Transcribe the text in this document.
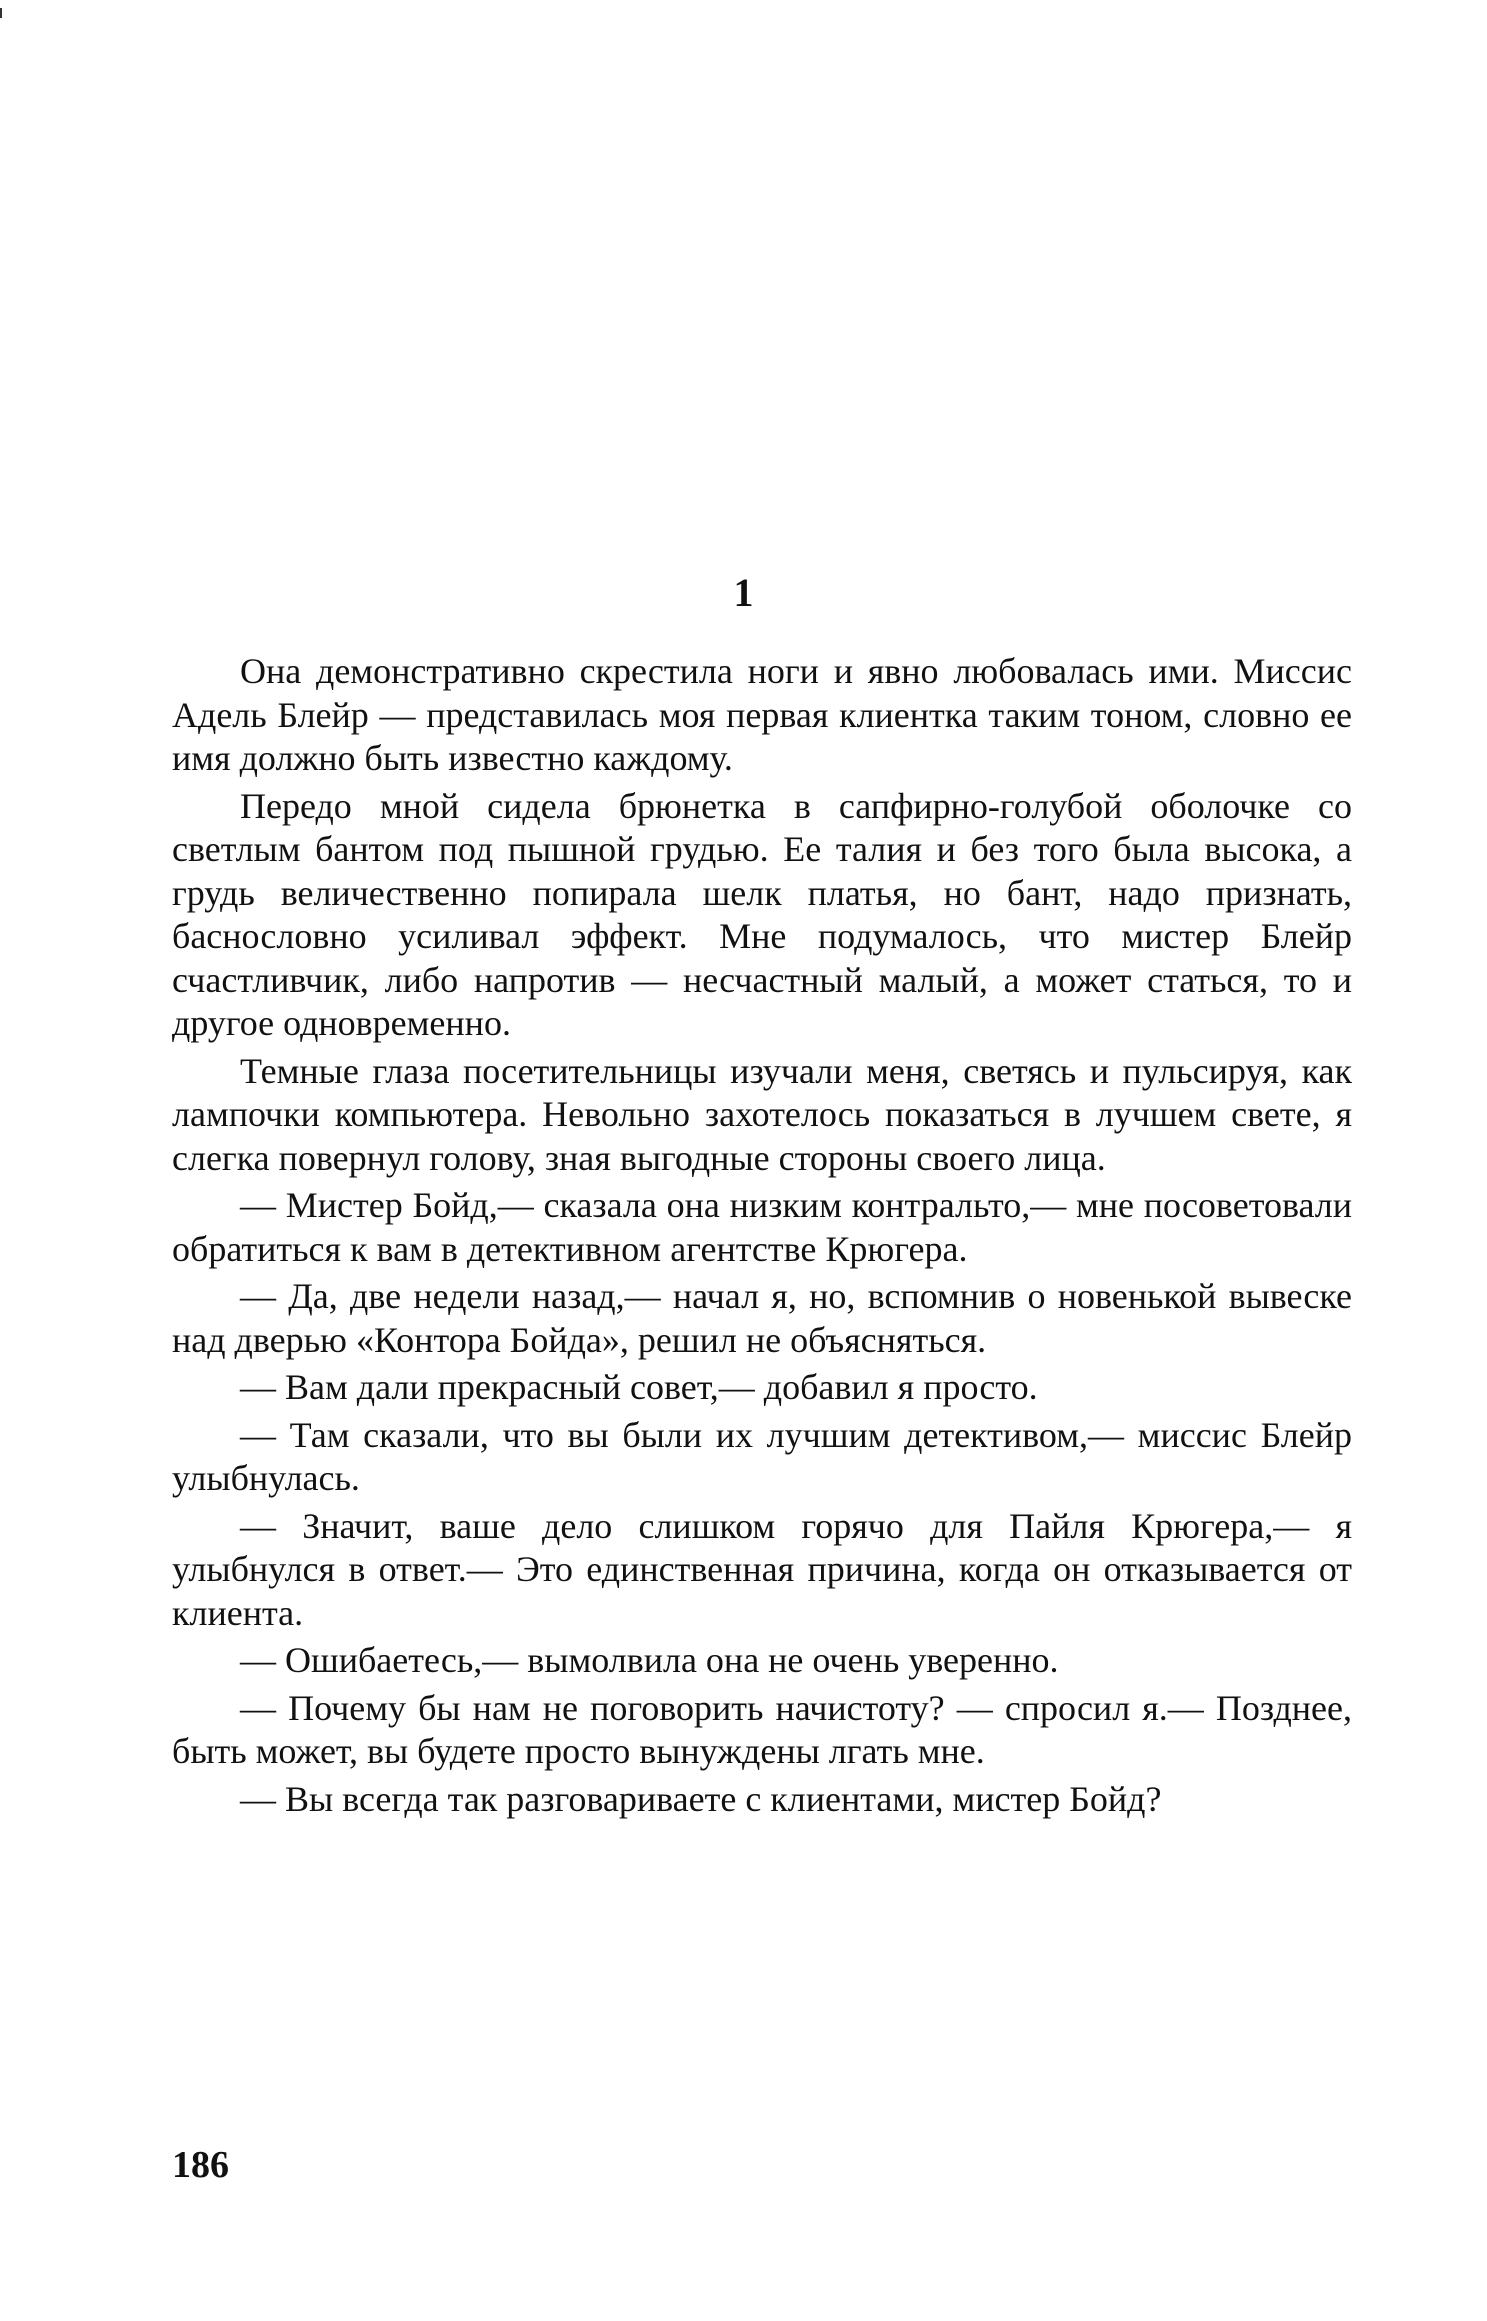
1

Она демонстративно скрестила ноги и явно любовалась ими. Миссис Адель Блейр — представилась моя первая клиентка таким тоном, словно ее имя должно быть известно каждому.

Передо мной сидела брюнетка в сапфирно-голубой оболочке со светлым бантом под пышной грудью. Ее талия и без того была высока, а грудь величественно попирала шелк платья, но бант, надо признать, баснословно усиливал эффект. Мне подумалось, что мистер Блейр счастливчик, либо напротив — несчастный малый, а может статься, то и другое одновременно.

Темные глаза посетительницы изучали меня, светясь и пульсируя, как лампочки компьютера. Невольно захотелось показаться в лучшем свете, я слегка повернул голову, зная выгодные стороны своего лица.

— Мистер Бойд,— сказала она низким контральто,— мне посоветовали обратиться к вам в детективном агентстве Крюгера.

— Да, две недели назад,— начал я, но, вспомнив о новенькой вывеске над дверью «Контора Бойда», решил не объясняться.

— Вам дали прекрасный совет,— добавил я просто.

— Там сказали, что вы были их лучшим детективом,— миссис Блейр улыбнулась.

— Значит, ваше дело слишком горячо для Пайля Крюгера,— я улыбнулся в ответ.— Это единственная причина, когда он отказывается от клиента.

— Ошибаетесь,— вымолвила она не очень уверенно.

— Почему бы нам не поговорить начистоту? — спросил я.— Позднее, быть может, вы будете просто вынуждены лгать мне.

— Вы всегда так разговариваете с клиентами, мистер Бойд?

186
